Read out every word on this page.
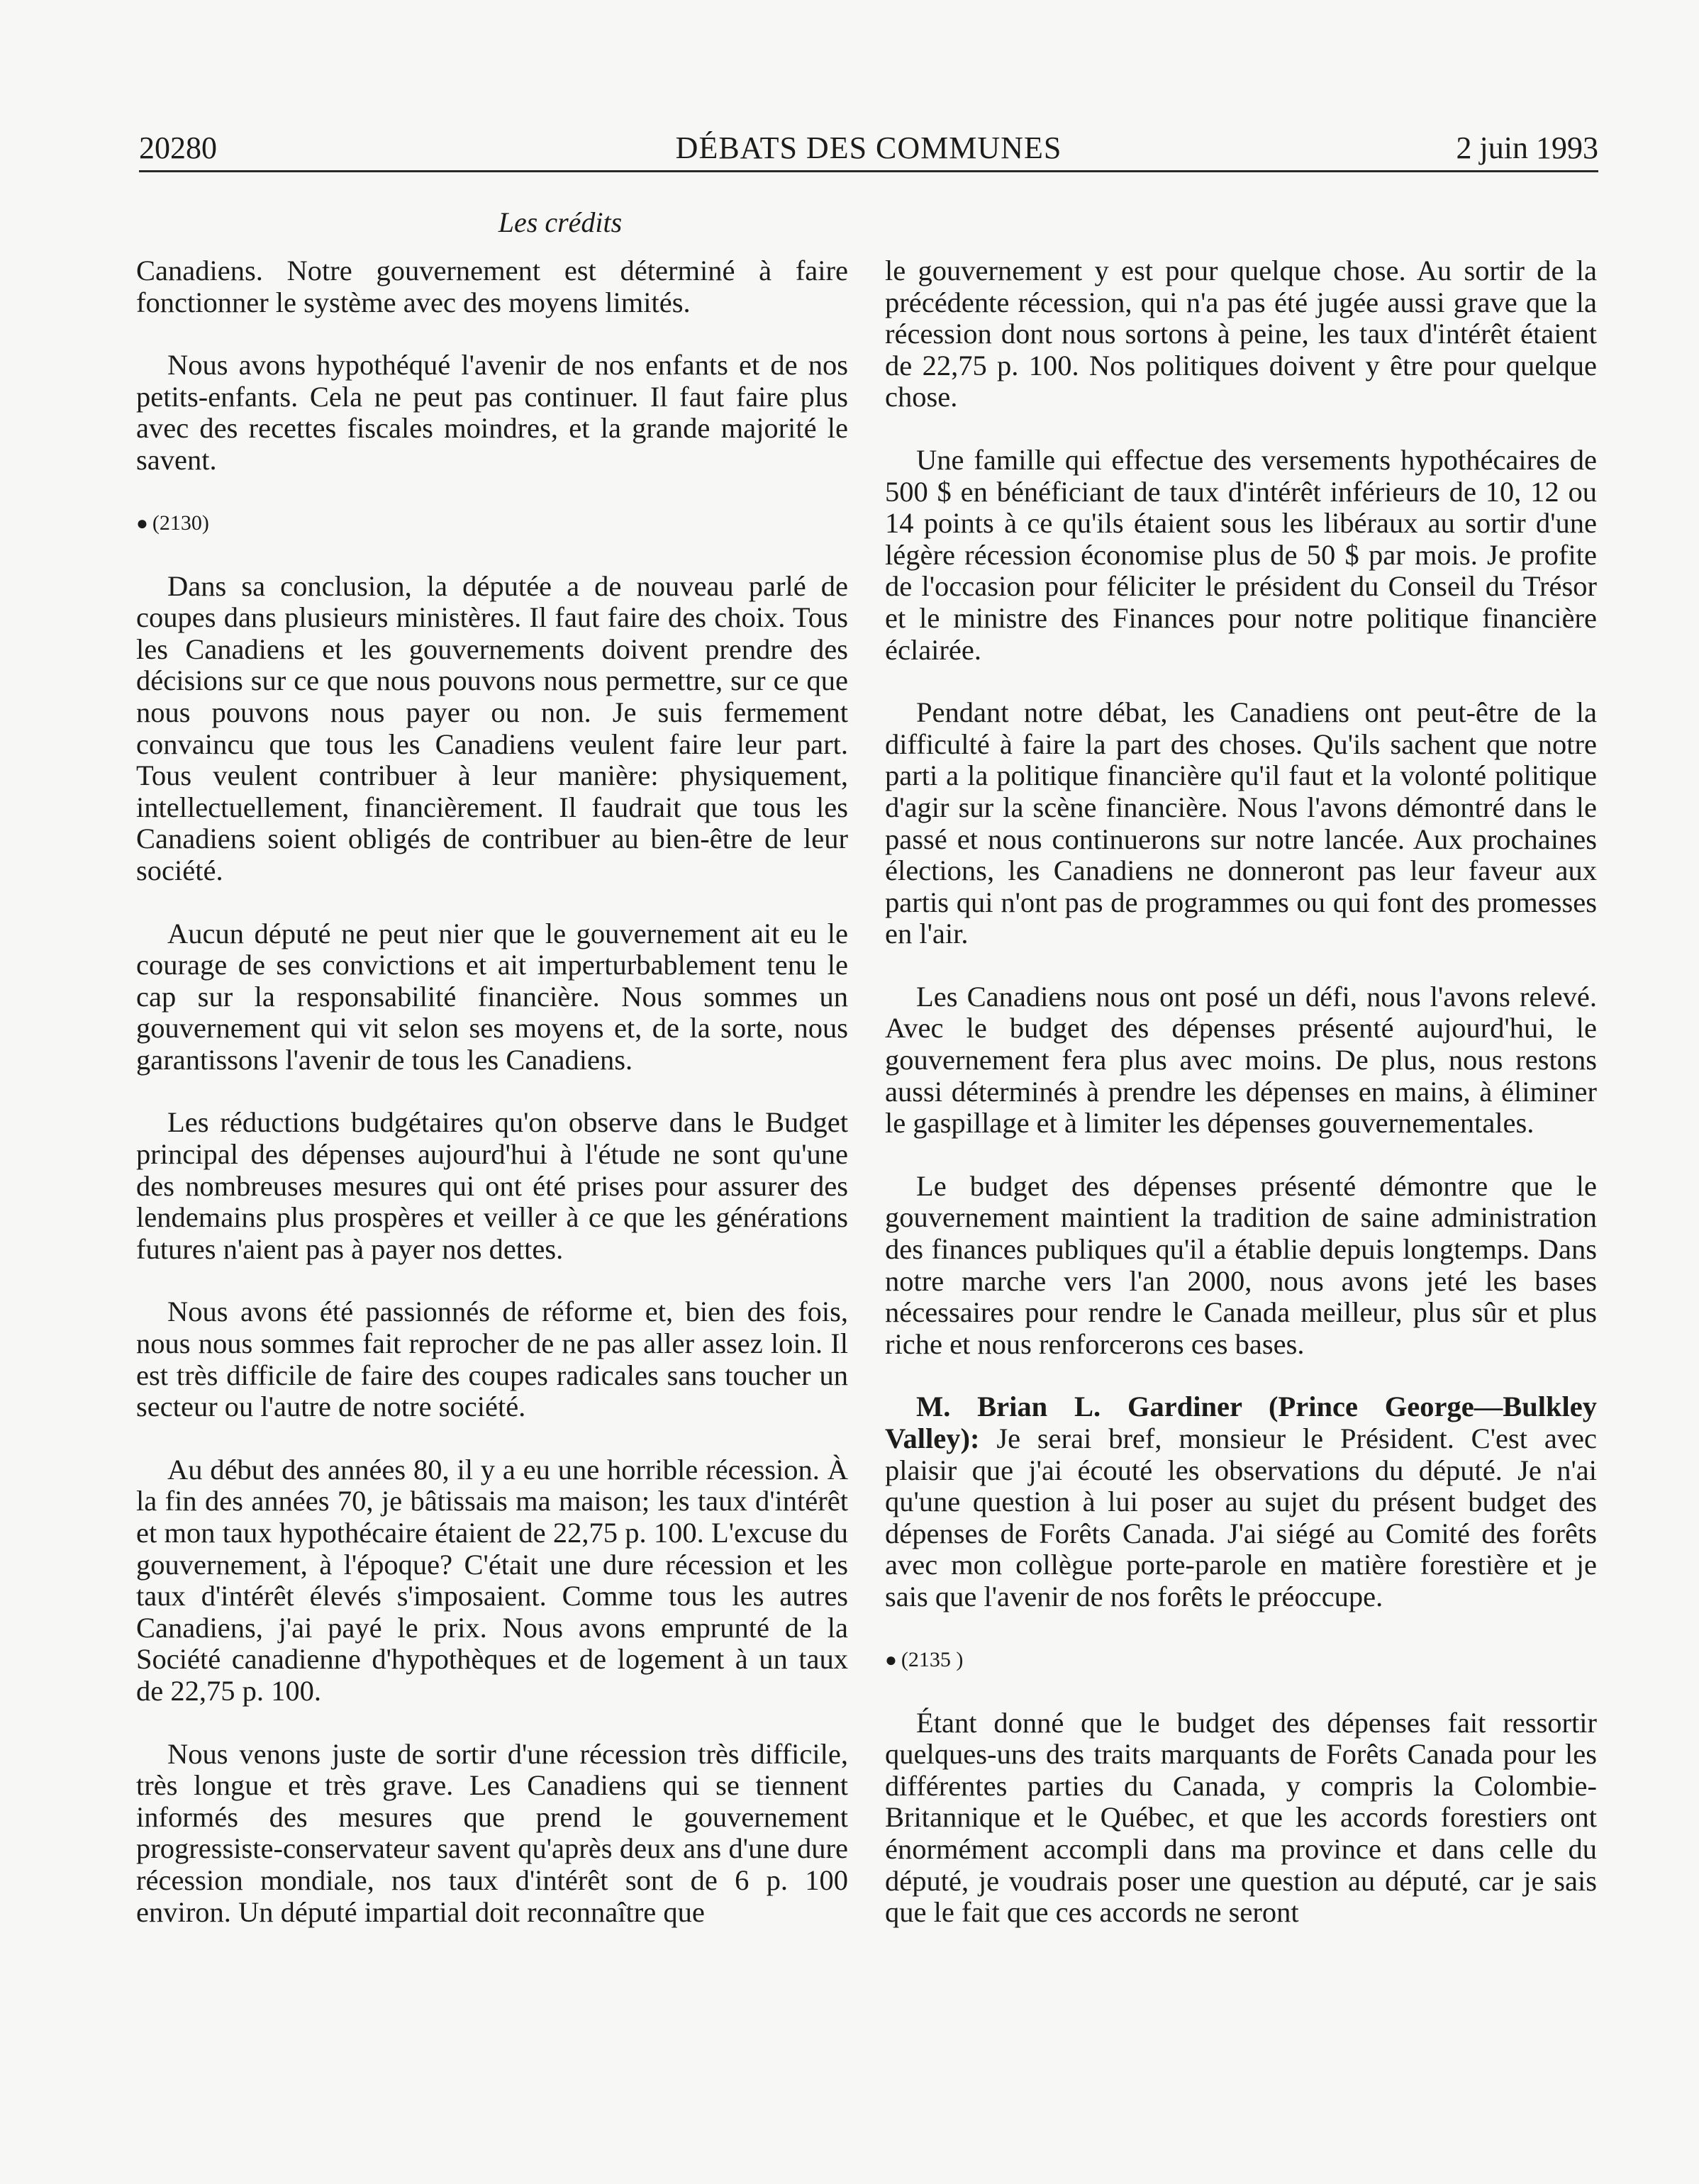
20280	DÉBATS DES COMMUNES	2 juin 1993
Les crédits

Canadiens. Notre gouvernement est déterminé à faire fonctionner le système avec des moyens limités.

Nous avons hypothéqué l'avenir de nos enfants et de nos petits-enfants. Cela ne peut pas continuer. Il faut faire plus avec des recettes fiscales moindres, et la grande majorité le savent.

● (2130)

Dans sa conclusion, la députée a de nouveau parlé de coupes dans plusieurs ministères. Il faut faire des choix. Tous les Canadiens et les gouvernements doivent prendre des décisions sur ce que nous pouvons nous permettre, sur ce que nous pouvons nous payer ou non. Je suis fermement convaincu que tous les Canadiens veulent faire leur part. Tous veulent contribuer à leur manière: physiquement, intellectuellement, financièrement. Il faudrait que tous les Canadiens soient obligés de contribuer au bien-être de leur société.

Aucun député ne peut nier que le gouvernement ait eu le courage de ses convictions et ait imperturbablement tenu le cap sur la responsabilité financière. Nous sommes un gouvernement qui vit selon ses moyens et, de la sorte, nous garantissons l'avenir de tous les Canadiens.

Les réductions budgétaires qu'on observe dans le Budget principal des dépenses aujourd'hui à l'étude ne sont qu'une des nombreuses mesures qui ont été prises pour assurer des lendemains plus prospères et veiller à ce que les générations futures n'aient pas à payer nos dettes.

Nous avons été passionnés de réforme et, bien des fois, nous nous sommes fait reprocher de ne pas aller assez loin. Il est très difficile de faire des coupes radicales sans toucher un secteur ou l'autre de notre société.

Au début des années 80, il y a eu une horrible récession. À la fin des années 70, je bâtissais ma maison; les taux d'intérêt et mon taux hypothécaire étaient de 22,75 p. 100. L'excuse du gouvernement, à l'époque? C'était une dure récession et les taux d'intérêt élevés s'imposaient. Comme tous les autres Canadiens, j'ai payé le prix. Nous avons emprunté de la Société canadienne d'hypothèques et de logement à un taux de 22,75 p. 100.

Nous venons juste de sortir d'une récession très difficile, très longue et très grave. Les Canadiens qui se tiennent informés des mesures que prend le gouvernement progressiste-conservateur savent qu'après deux ans d'une dure récession mondiale, nos taux d'intérêt sont de 6 p. 100 environ. Un député impartial doit reconnaître que

le gouvernement y est pour quelque chose. Au sortir de la précédente récession, qui n'a pas été jugée aussi grave que la récession dont nous sortons à peine, les taux d'intérêt étaient de 22,75 p. 100. Nos politiques doivent y être pour quelque chose.

Une famille qui effectue des versements hypothécaires de 500 $ en bénéficiant de taux d'intérêt inférieurs de 10, 12 ou 14 points à ce qu'ils étaient sous les libéraux au sortir d'une légère récession économise plus de 50 $ par mois. Je profite de l'occasion pour féliciter le président du Conseil du Trésor et le ministre des Finances pour notre politique financière éclairée.

Pendant notre débat, les Canadiens ont peut-être de la difficulté à faire la part des choses. Qu'ils sachent que notre parti a la politique financière qu'il faut et la volonté politique d'agir sur la scène financière. Nous l'avons démontré dans le passé et nous continuerons sur notre lancée. Aux prochaines élections, les Canadiens ne donneront pas leur faveur aux partis qui n'ont pas de programmes ou qui font des promesses en l'air.

Les Canadiens nous ont posé un défi, nous l'avons relevé. Avec le budget des dépenses présenté aujourd'hui, le gouvernement fera plus avec moins. De plus, nous restons aussi déterminés à prendre les dépenses en mains, à éliminer le gaspillage et à limiter les dépenses gouvernementales.

Le budget des dépenses présenté démontre que le gouvernement maintient la tradition de saine administration des finances publiques qu'il a établie depuis longtemps. Dans notre marche vers l'an 2000, nous avons jeté les bases nécessaires pour rendre le Canada meilleur, plus sûr et plus riche et nous renforcerons ces bases.

M. Brian L. Gardiner (Prince George—Bulkley Valley): Je serai bref, monsieur le Président. C'est avec plaisir que j'ai écouté les observations du député. Je n'ai qu'une question à lui poser au sujet du présent budget des dépenses de Forêts Canada. J'ai siégé au Comité des forêts avec mon collègue porte-parole en matière forestière et je sais que l'avenir de nos forêts le préoccupe.

● (2135 )

Étant donné que le budget des dépenses fait ressortir quelques-uns des traits marquants de Forêts Canada pour les différentes parties du Canada, y compris la Colombie-Britannique et le Québec, et que les accords forestiers ont énormément accompli dans ma province et dans celle du député, je voudrais poser une question au député, car je sais que le fait que ces accords ne seront
